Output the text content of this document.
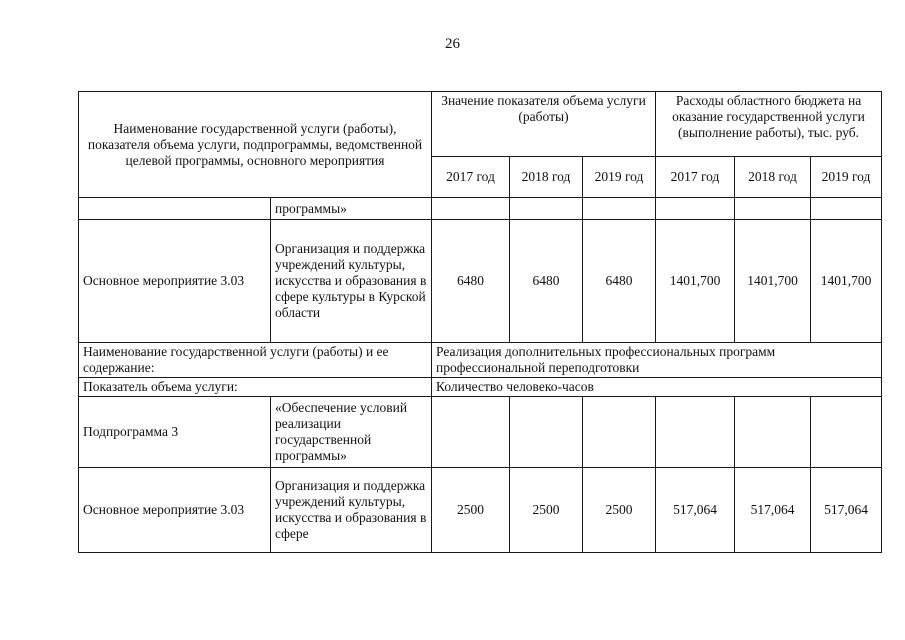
26
Наименование государственной услуги (работы), показателя объема услуги, подпрограммы, ведомственной целевой программы, основного мероприятия		Значение показателя объема услуги (работы)			Расходы областного бюджета на оказание государственной услуги (выполнение работы), тыс. руб.		
		2017 год	2018 год	2019 год	2017 год	2018 год	2019 год
	программы»						
Основное мероприятие 3.03	Организация и поддержка учреждений культуры, искусства и образования в сфере культуры в Курской области	6480	6480	6480	1401,700	1401,700	1401,700
Наименование государственной услуги (работы) и ее содержание:		Реализация дополнительных профессиональных программ профессиональной переподготовки					
Показатель объема услуги:		Количество человеко-часов					
Подпрограмма 3	«Обеспечение условий реализации государственной программы»						
Основное мероприятие 3.03	Организация и поддержка учреждений культуры, искусства и образования в сфере	2500	2500	2500	517,064	517,064	517,064
